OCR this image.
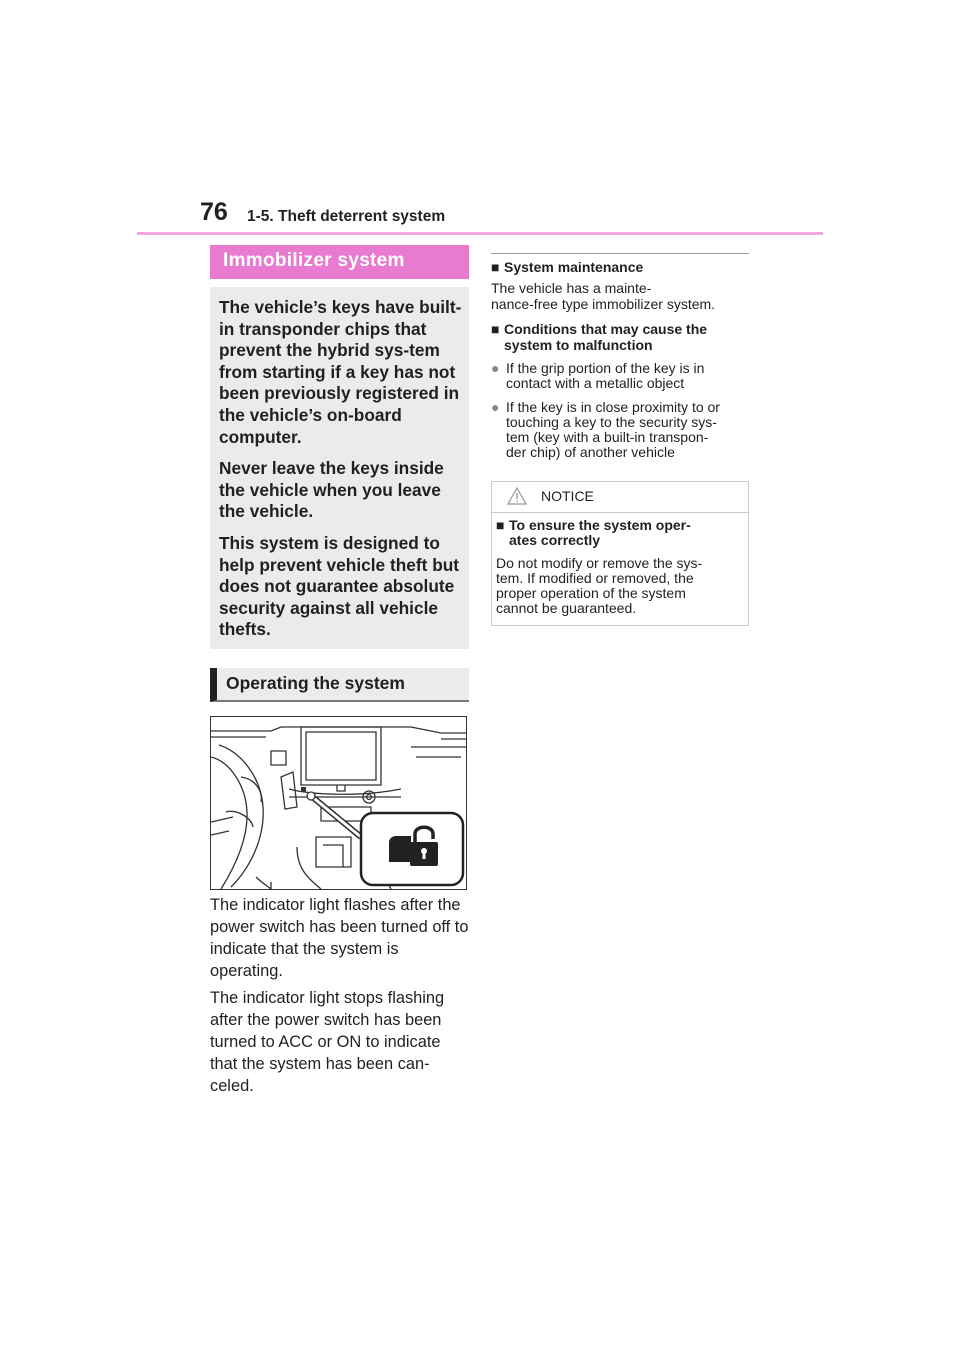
76 1-5. Theft deterrent system
Immobilizer system

The vehicle’s keys have built-in transponder chips that prevent the hybrid sys-tem from starting if a key has not been previously registered in the vehicle’s on-board computer.

Never leave the keys inside the vehicle when you leave the vehicle.

This system is designed to help prevent vehicle theft but does not guarantee absolute security against all vehicle thefts.

Operating the system

The indicator light flashes after the power switch has been turned off to indicate that the system is operating.

The indicator light stops flashing after the power switch has been turned to ACC or ON to indicate that the system has been can-celed.

■ System maintenance

The vehicle has a mainte-

nance-free type immobilizer system.

■ Conditions that may cause the
system to malfunction
● If the grip portion of the key is in
contact with a metallic object
● If the key is in close proximity to or
touching a key to the security sys-
tem (key with a built-in transpon-
der chip) of another vehicle
NOTICE
■ To ensure the system oper-
ates correctly

Do not modify or remove the sys-

tem. If modified or removed, the

proper operation of the system

cannot be guaranteed.
